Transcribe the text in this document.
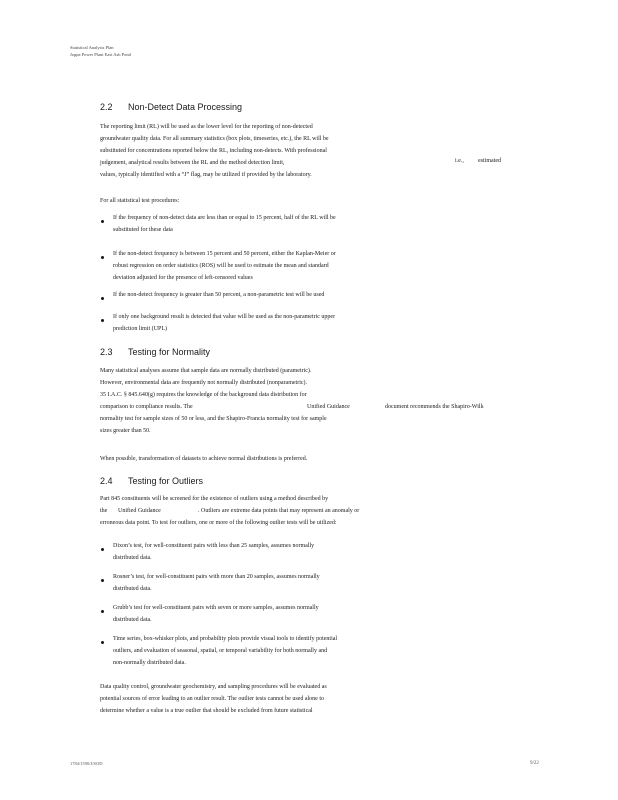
Statistical Analysis Plan
Joppa Power Plant East Ash Pond
2.2 Non-Detect Data Processing
The reporting limit (RL) will be used as the lower level for the reporting of non-detected
groundwater quality data. For all summary statistics (box plots, timeseries, etc.), the RL will be
substituted for concentrations reported below the RL, including non-detects. With professional
judgement, analytical results between the RL and the method detection limit,
values, typically identified with a “J” flag, may be utilized if provided by the laboratory.
i.e., estimated
For all statistical test procedures:
If the frequency of non-detect data are less than or equal to 15 percent, half of the RL will be
substituted for these data
If the non-detect frequency is between 15 percent and 50 percent, either the Kaplan-Meier or
robust regression on order statistics (ROS) will be used to estimate the mean and standard
deviation adjusted for the presence of left-censored values
If the non-detect frequency is greater than 50 percent, a non-parametric test will be used
If only one background result is detected that value will be used as the non-parametric upper
prediction limit (UPL)
2.3 Testing for Normality
Many statistical analyses assume that sample data are normally distributed (parametric).
However, environmental data are frequently not normally distributed (nonparametric).
35 I.A.C. § 845.640(g) requires the knowledge of the background data distribution for
comparison to compliance results. The
normality test for sample sizes of 50 or less, and the Shapiro-Francia normality test for sample
sizes greater than 50.
Unified Guidance	document recommends the Shapiro-Wilk
When possible, transformation of datasets to achieve normal distributions is preferred.
2.4 Testing for Outliers
Part 845 constituents will be screened for the existence of outliers using a method described by
the
erroneous data point. To test for outliers, one or more of the following outlier tests will be utilized:
Unified Guidance	. Outliers are extreme data points that may represent an anomaly or
Dixon’s test, for well-constituent pairs with less than 25 samples, assumes normally
distributed data.
Rosner’s test, for well-constituent pairs with more than 20 samples, assumes normally
distributed data.
Grubb’s test for well-constituent pairs with seven or more samples, assumes normally
distributed data.
Time series, box-whisker plots, and probability plots provide visual tools to identify potential
outliers, and evaluation of seasonal, spatial, or temporal variability for both normally and
non-normally distributed data.
Data quality control, groundwater geochemistry, and sampling procedures will be evaluated as
potential sources of error leading to an outlier result. The outlier tests cannot be used alone to
determine whether a value is a true outlier that should be excluded from future statistical
1784/1590/J/SOD	9/22
